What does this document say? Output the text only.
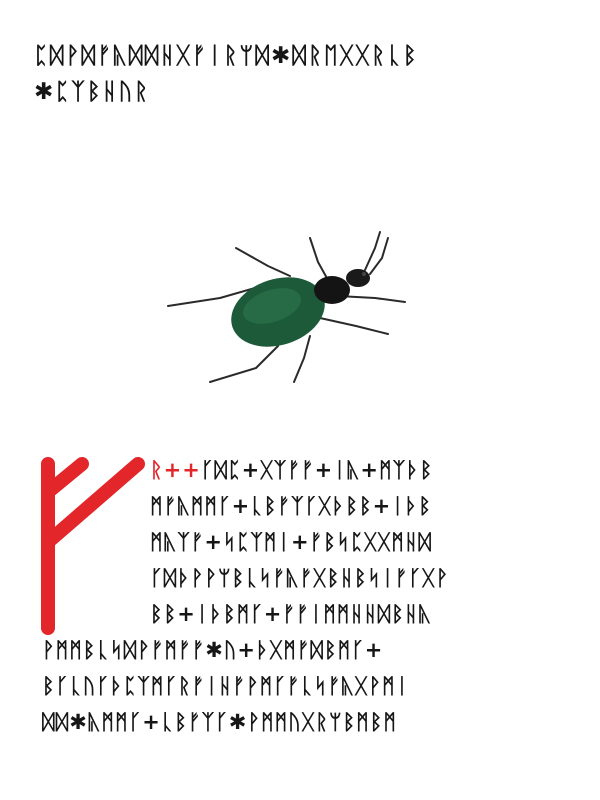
ᛈᛞᚹᛞᚠᚣᛞᛞᚺᚷᚠᛁᚱᛘᛞ✱ᛞᚱᛖᚷᚷᚱᚳᛒ
✱ᛈᛉᛒᚺᚢᚱ
ᚱ++ᚴᛞᛈ+ᚷᛉᚠᚠ+ᛁᚣ+ᛗᛉᚦᛒ
ᛗᚠᚣᛗᛗᚴ+ᚳᛒᚠᛉᚴᚷᚦᛒᛒ+ᛁᚦᛒ
ᛗᚣᛉᚠ+ᛋᛈᛉᛗᛁ+ᚠᛒᛋᛈᚷᚷᛗᚺᛞ
ᚴᛞᚦᚹᚹᛘᛒᚳᛋᚠᚣᚠᚷᛒᚺᛒᛋᛁᚠᚴᚷᚹ
ᛒᛒ+ᛁᚦᛒᛗᚴ+ᚠᚠᛁᛗᛗᚺᚺᛞᛒᚺᚣ
ᚹᛗᛗᛒᚳᛋᛞᚹᚠᛗᚠᚠ✱ᚢ+ᚦᚷᛗᚠᛞᛒᛗᚴ+
ᛒᚴᚳᚢᚴᚦᛈᛉᛗᚴᚱᚠᛁᚺᚠᚹᛗᚴᚠᚳᛋᚠᚣᚷᚹᛗᛁ
ᛞᛞ✱ᚣᛗᛗᚴ+ᚳᛒᚠᛉᚴ✱ᚹᛗᛗᚢᚷᚱᛘᛒᛗᛒᛗ
